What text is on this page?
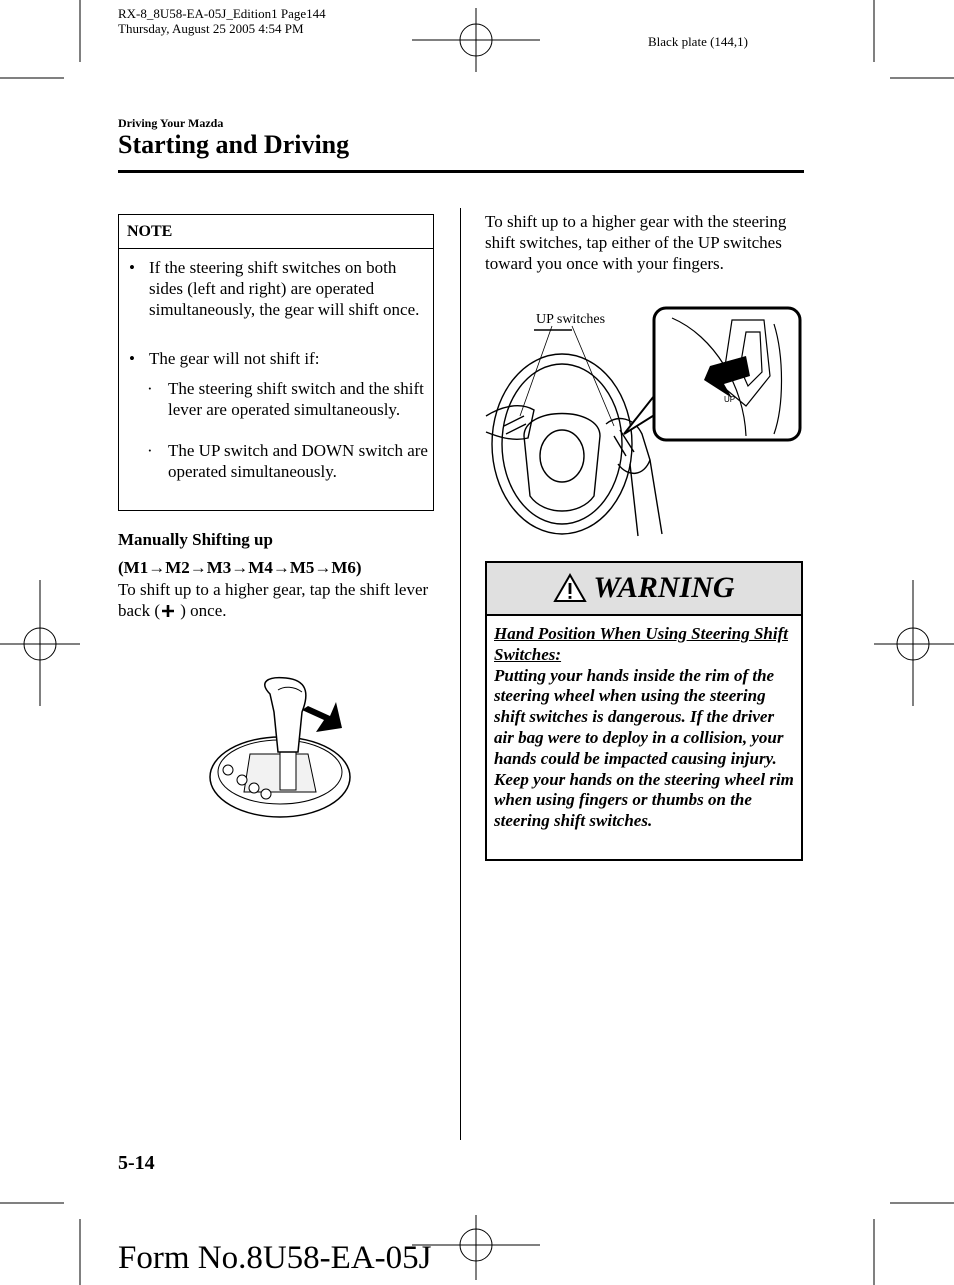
RX-8_8U58-EA-05J_Edition1 Page144
Thursday, August 25 2005 4:54 PM
Black plate (144,1)
Driving Your Mazda
Starting and Driving
NOTE
• If the steering shift switches on both sides (left and right) are operated simultaneously, the gear will shift once.
• The gear will not shift if:
· The steering shift switch and the shift lever are operated simultaneously.
· The UP switch and DOWN switch are operated simultaneously.
Manually Shifting up
(M1→M2→M3→M4→M5→M6)
To shift up to a higher gear, tap the shift lever back ( ) once.
To shift up to a higher gear with the steering shift switches, tap either of the UP switches toward you once with your fingers.
UP switches
UP
WARNING
Hand Position When Using Steering Shift Switches:
Putting your hands inside the rim of the steering wheel when using the steering shift switches is dangerous. If the driver air bag were to deploy in a collision, your hands could be impacted causing injury. Keep your hands on the steering wheel rim when using fingers or thumbs on the steering shift switches.
5-14
Form No.8U58-EA-05J
